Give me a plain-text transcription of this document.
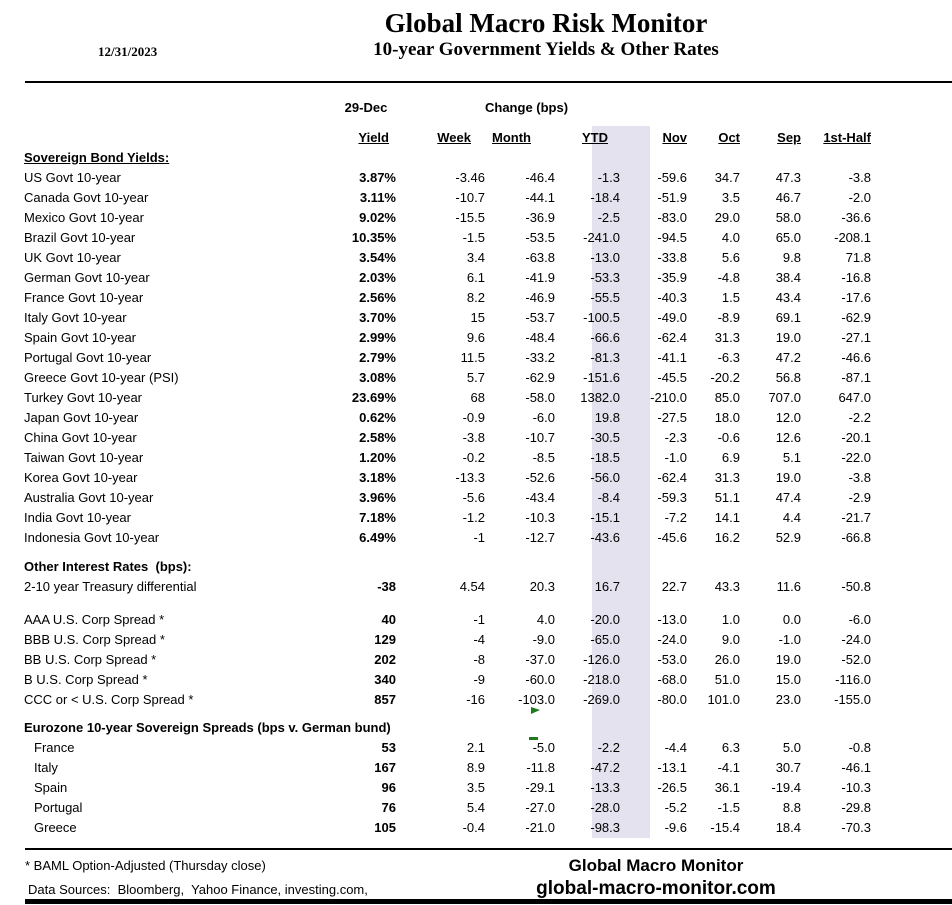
12/31/2023
Global Macro Risk Monitor
10-year Government Yields & Other Rates
29-Dec	Change (bps)
Yield	Week	Month	YTD	Nov	Oct	Sep	1st-Half
Sovereign Bond Yields:
US Govt 10-year	3.87%	-3.46	-46.4	-1.3	-59.6	34.7	47.3	-3.8
Canada Govt 10-year	3.11%	-10.7	-44.1	-18.4	-51.9	3.5	46.7	-2.0
Mexico Govt 10-year	9.02%	-15.5	-36.9	-2.5	-83.0	29.0	58.0	-36.6
Brazil Govt 10-year	10.35%	-1.5	-53.5	-241.0	-94.5	4.0	65.0	-208.1
UK Govt 10-year	3.54%	3.4	-63.8	-13.0	-33.8	5.6	9.8	71.8
German Govt 10-year	2.03%	6.1	-41.9	-53.3	-35.9	-4.8	38.4	-16.8
France Govt 10-year	2.56%	8.2	-46.9	-55.5	-40.3	1.5	43.4	-17.6
Italy Govt 10-year	3.70%	15	-53.7	-100.5	-49.0	-8.9	69.1	-62.9
Spain Govt 10-year	2.99%	9.6	-48.4	-66.6	-62.4	31.3	19.0	-27.1
Portugal Govt 10-year	2.79%	11.5	-33.2	-81.3	-41.1	-6.3	47.2	-46.6
Greece Govt 10-year (PSI)	3.08%	5.7	-62.9	-151.6	-45.5	-20.2	56.8	-87.1
Turkey Govt 10-year	23.69%	68	-58.0	1382.0	-210.0	85.0	707.0	647.0
Japan Govt 10-year	0.62%	-0.9	-6.0	19.8	-27.5	18.0	12.0	-2.2
China Govt 10-year	2.58%	-3.8	-10.7	-30.5	-2.3	-0.6	12.6	-20.1
Taiwan Govt 10-year	1.20%	-0.2	-8.5	-18.5	-1.0	6.9	5.1	-22.0
Korea Govt 10-year	3.18%	-13.3	-52.6	-56.0	-62.4	31.3	19.0	-3.8
Australia Govt 10-year	3.96%	-5.6	-43.4	-8.4	-59.3	51.1	47.4	-2.9
India Govt 10-year	7.18%	-1.2	-10.3	-15.1	-7.2	14.1	4.4	-21.7
Indonesia Govt 10-year	6.49%	-1	-12.7	-43.6	-45.6	16.2	52.9	-66.8
Other Interest Rates  (bps):
2-10 year Treasury differential	-38	4.54	20.3	16.7	22.7	43.3	11.6	-50.8
AAA U.S. Corp Spread *	40	-1	4.0	-20.0	-13.0	1.0	0.0	-6.0
BBB U.S. Corp Spread *	129	-4	-9.0	-65.0	-24.0	9.0	-1.0	-24.0
BB U.S. Corp Spread *	202	-8	-37.0	-126.0	-53.0	26.0	19.0	-52.0
B U.S. Corp Spread *	340	-9	-60.0	-218.0	-68.0	51.0	15.0	-116.0
CCC or < U.S. Corp Spread *	857	-16	-103.0	-269.0	-80.0	101.0	23.0	-155.0
Eurozone 10-year Sovereign Spreads (bps v. German bund)
France	53	2.1	-5.0	-2.2	-4.4	6.3	5.0	-0.8
Italy	167	8.9	-11.8	-47.2	-13.1	-4.1	30.7	-46.1
Spain	96	3.5	-29.1	-13.3	-26.5	36.1	-19.4	-10.3
Portugal	76	5.4	-27.0	-28.0	-5.2	-1.5	8.8	-29.8
Greece	105	-0.4	-21.0	-98.3	-9.6	-15.4	18.4	-70.3
* BAML Option-Adjusted (Thursday close)
Data Sources:  Bloomberg,  Yahoo Finance, investing.com,
Global Macro Monitor
global-macro-monitor.com
